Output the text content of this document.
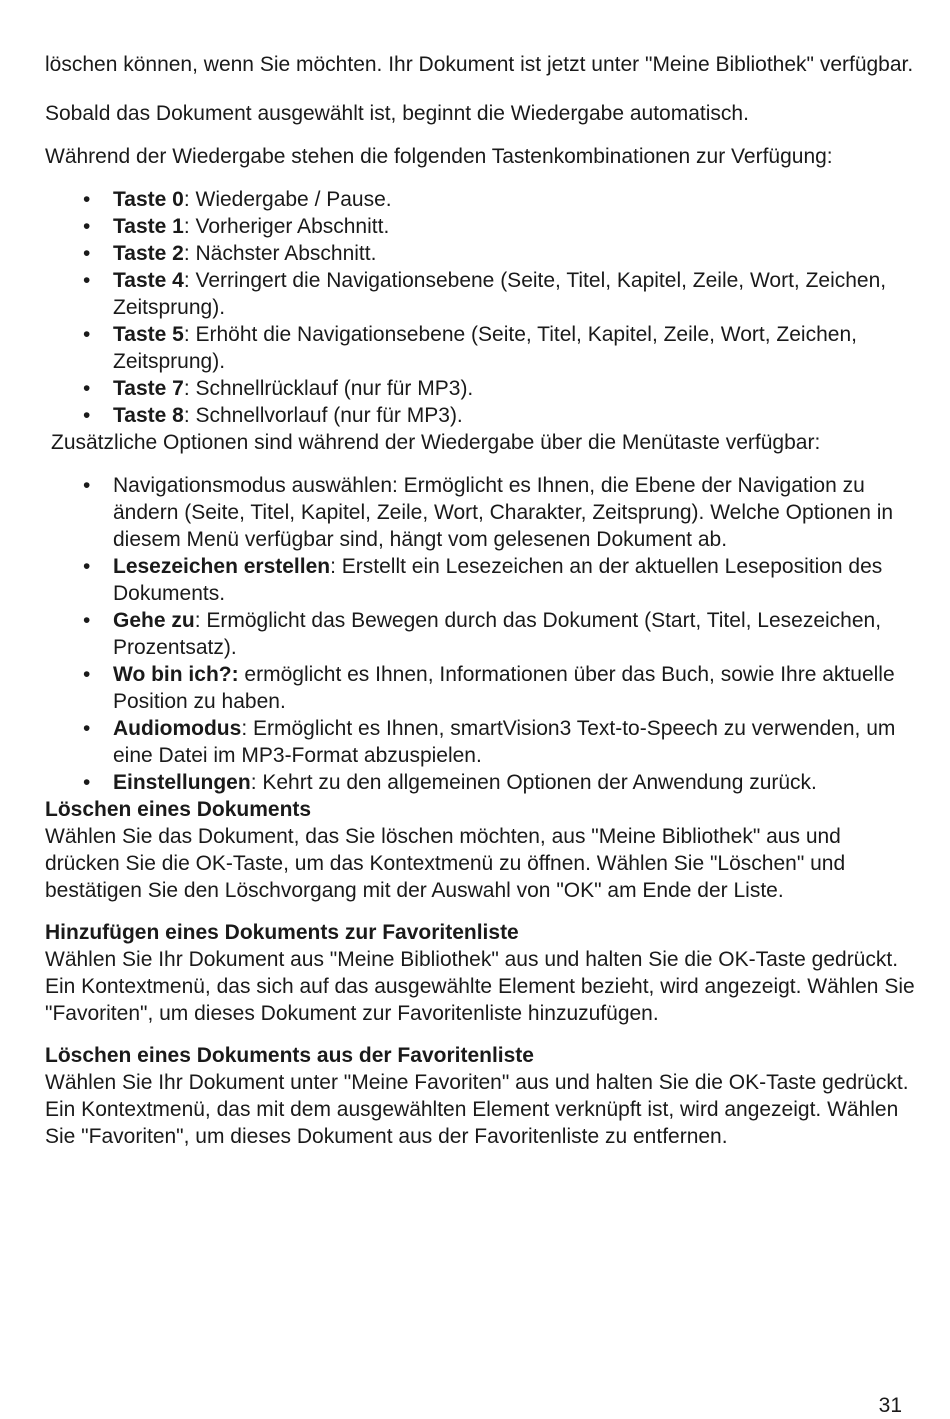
löschen können, wenn Sie möchten. Ihr Dokument ist jetzt unter "Meine Bibliothek" verfügbar.

Sobald das Dokument ausgewählt ist, beginnt die Wiedergabe automatisch.

Während der Wiedergabe stehen die folgenden Tastenkombinationen zur Verfügung:

• Taste 0: Wiedergabe / Pause.
• Taste 1: Vorheriger Abschnitt.
• Taste 2: Nächster Abschnitt.
• Taste 4: Verringert die Navigationsebene (Seite, Titel, Kapitel, Zeile, Wort, Zeichen, Zeitsprung).
• Taste 5: Erhöht die Navigationsebene (Seite, Titel, Kapitel, Zeile, Wort, Zeichen, Zeitsprung).
• Taste 7: Schnellrücklauf (nur für MP3).
• Taste 8: Schnellvorlauf (nur für MP3).

Zusätzliche Optionen sind während der Wiedergabe über die Menütaste verfügbar:

• Navigationsmodus auswählen: Ermöglicht es Ihnen, die Ebene der Navigation zu ändern (Seite, Titel, Kapitel, Zeile, Wort, Charakter, Zeitsprung). Welche Optionen in diesem Menü verfügbar sind, hängt vom gelesenen Dokument ab.
• Lesezeichen erstellen: Erstellt ein Lesezeichen an der aktuellen Leseposition des Dokuments.
• Gehe zu: Ermöglicht das Bewegen durch das Dokument (Start, Titel, Lesezeichen, Prozentsatz).
• Wo bin ich?: ermöglicht es Ihnen, Informationen über das Buch, sowie Ihre aktuelle Position zu haben.
• Audiomodus: Ermöglicht es Ihnen, smartVision3 Text-to-Speech zu verwenden, um eine Datei im MP3-Format abzuspielen.
• Einstellungen: Kehrt zu den allgemeinen Optionen der Anwendung zurück.
Löschen eines Dokuments

Wählen Sie das Dokument, das Sie löschen möchten, aus "Meine Bibliothek" aus und drücken Sie die OK-Taste, um das Kontextmenü zu öffnen. Wählen Sie "Löschen" und bestätigen Sie den Löschvorgang mit der Auswahl von "OK" am Ende der Liste.

Hinzufügen eines Dokuments zur Favoritenliste

Wählen Sie Ihr Dokument aus "Meine Bibliothek" aus und halten Sie die OK-Taste gedrückt. Ein Kontextmenü, das sich auf das ausgewählte Element bezieht, wird angezeigt. Wählen Sie "Favoriten", um dieses Dokument zur Favoritenliste hinzuzufügen.

Löschen eines Dokuments aus der Favoritenliste

Wählen Sie Ihr Dokument unter "Meine Favoriten" aus und halten Sie die OK-Taste gedrückt. Ein Kontextmenü, das mit dem ausgewählten Element verknüpft ist, wird angezeigt. Wählen Sie "Favoriten", um dieses Dokument aus der Favoritenliste zu entfernen.

31
